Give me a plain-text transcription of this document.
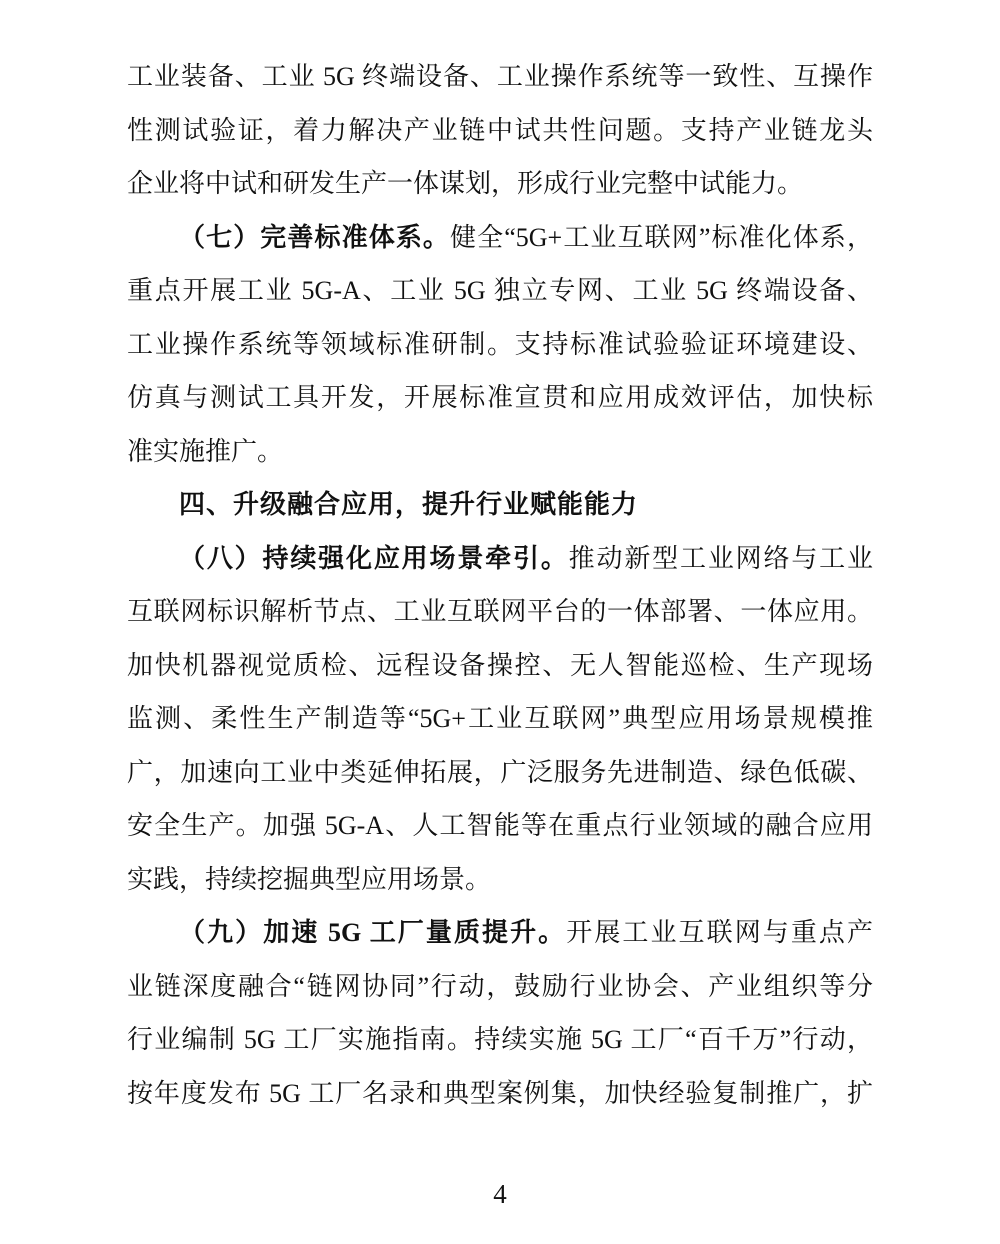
工业装备、工业 5G 终端设备、工业操作系统等一致性、互操作
性测试验证，着力解决产业链中试共性问题。支持产业链龙头
企业将中试和研发生产一体谋划，形成行业完整中试能力。
（七）完善标准体系。健全“5G+工业互联网”标准化体系，
重点开展工业 5G-A、工业 5G 独立专网、工业 5G 终端设备、
工业操作系统等领域标准研制。支持标准试验验证环境建设、
仿真与测试工具开发，开展标准宣贯和应用成效评估，加快标
准实施推广。
四、升级融合应用，提升行业赋能能力
（八）持续强化应用场景牵引。推动新型工业网络与工业
互联网标识解析节点、工业互联网平台的一体部署、一体应用。
加快机器视觉质检、远程设备操控、无人智能巡检、生产现场
监测、柔性生产制造等“5G+工业互联网”典型应用场景规模推
广，加速向工业中类延伸拓展，广泛服务先进制造、绿色低碳、
安全生产。加强 5G-A、人工智能等在重点行业领域的融合应用
实践，持续挖掘典型应用场景。
（九）加速 5G 工厂量质提升。开展工业互联网与重点产
业链深度融合“链网协同”行动，鼓励行业协会、产业组织等分
行业编制 5G 工厂实施指南。持续实施 5G 工厂“百千万”行动，
按年度发布 5G 工厂名录和典型案例集，加快经验复制推广，扩
4
